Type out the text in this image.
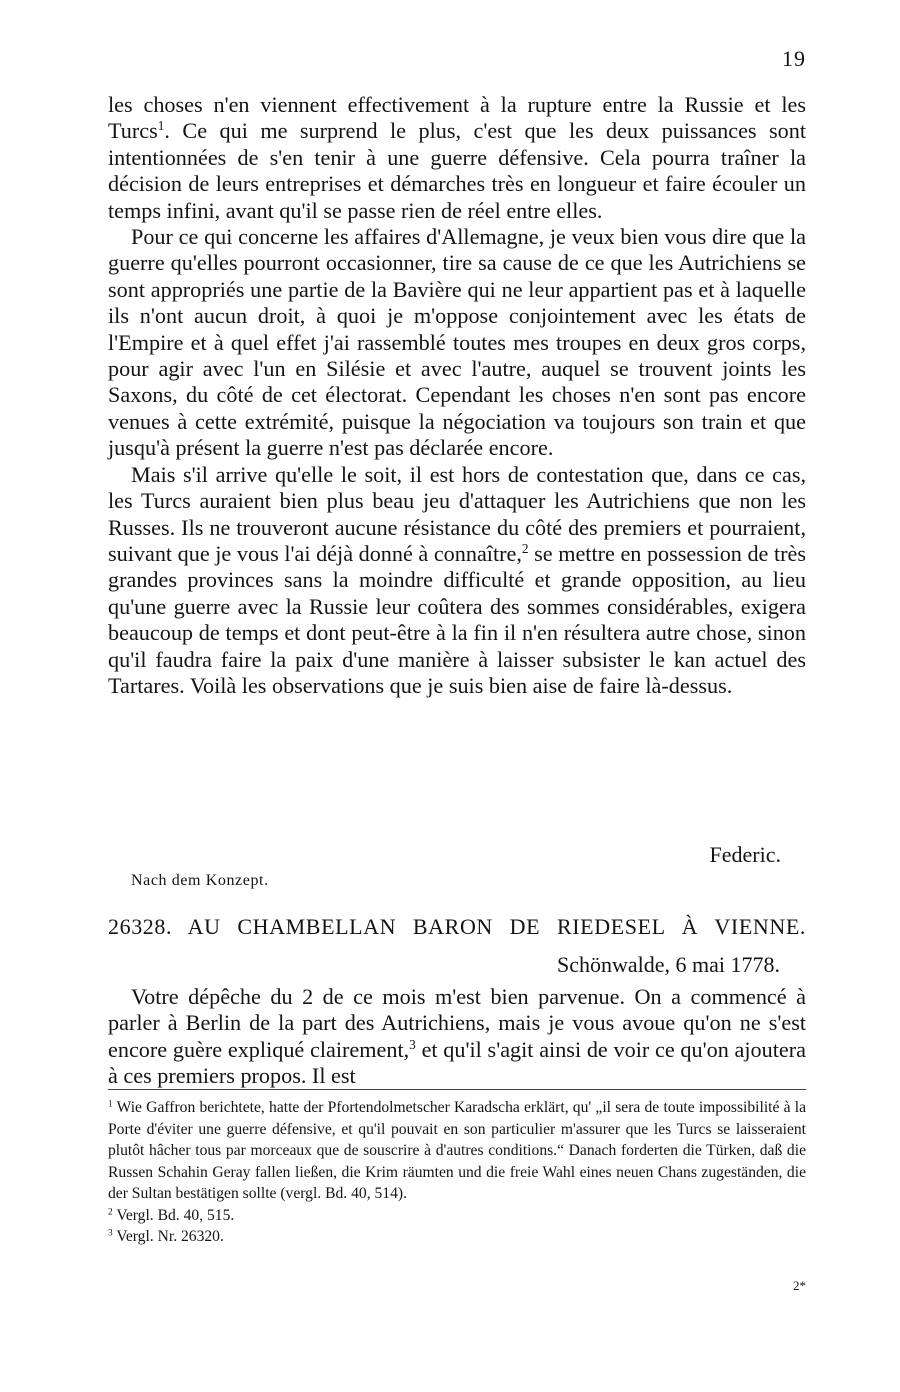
19

les choses n'en viennent effectivement à la rupture entre la Russie et les Turcs$^1$. Ce qui me surprend le plus, c'est que les deux puissances sont intentionnées de s'en tenir à une guerre défensive. Cela pourra traîner la décision de leurs entreprises et démarches très en longueur et faire écouler un temps infini, avant qu'il se passe rien de réel entre elles.

Pour ce qui concerne les affaires d'Allemagne, je veux bien vous dire que la guerre qu'elles pourront occasionner, tire sa cause de ce que les Autrichiens se sont appropriés une partie de la Bavière qui ne leur appartient pas et à laquelle ils n'ont aucun droit, à quoi je m'oppose conjointement avec les états de l'Empire et à quel effet j'ai rassemblé toutes mes troupes en deux gros corps, pour agir avec l'un en Silésie et avec l'autre, auquel se trouvent joints les Saxons, du côté de cet électorat. Cependant les choses n'en sont pas encore venues à cette extrémité, puisque la négociation va toujours son train et que jusqu'à présent la guerre n'est pas déclarée encore.

Mais s'il arrive qu'elle le soit, il est hors de contestation que, dans ce cas, les Turcs auraient bien plus beau jeu d'attaquer les Autrichiens que non les Russes. Ils ne trouveront aucune résistance du côté des premiers et pourraient, suivant que je vous l'ai déjà donné à connaître,$^2$ se mettre en possession de très grandes provinces sans la moindre difficulté et grande opposition, au lieu qu'une guerre avec la Russie leur coûtera des sommes considérables, exigera beaucoup de temps et dont peut-être à la fin il n'en résultera autre chose, sinon qu'il faudra faire la paix d'une manière à laisser subsister le kan actuel des Tartares. Voilà les observations que je suis bien aise de faire là-dessus.

Federic.
Nach dem Konzept.
26328. AU CHAMBELLAN BARON DE RIEDESEL À VIENNE.
Schönwalde, 6 mai 1778.

Votre dépêche du 2 de ce mois m'est bien parvenue. On a commencé à parler à Berlin de la part des Autrichiens, mais je vous avoue qu'on ne s'est encore guère expliqué clairement,$^3$ et qu'il s'agit ainsi de voir ce qu'on ajoutera à ces premiers propos. Il est

$^1$ Wie Gaffron berichtete, hatte der Pfortendolmetscher Karadscha erklärt, qu' „il sera de toute impossibilité à la Porte d'éviter une guerre défensive, et qu'il pouvait en son particulier m'assurer que les Turcs se laisseraient plutôt hâcher tous par morceaux que de souscrire à d'autres conditions.“ Danach forderten die Türken, daß die Russen Schahin Geray fallen ließen, die Krim räumten und die freie Wahl eines neuen Chans zugeständen, die der Sultan bestätigen sollte (vergl. Bd. 40, 514).

$^2$ Vergl. Bd. 40, 515.

$^3$ Vergl. Nr. 26320.

2*
